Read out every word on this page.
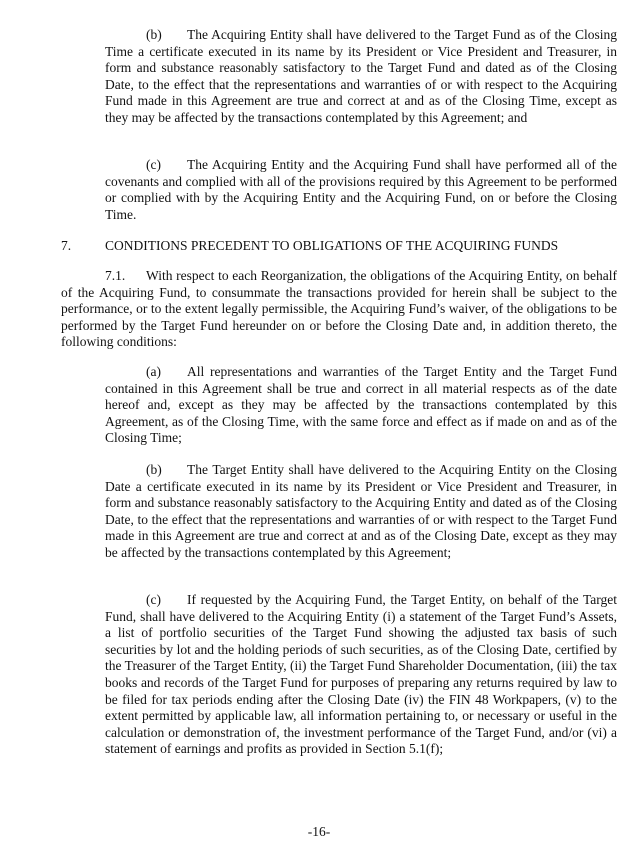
(b) The Acquiring Entity shall have delivered to the Target Fund as of the Closing Time a certificate executed in its name by its President or Vice President and Treasurer, in form and substance reasonably satisfactory to the Target Fund and dated as of the Closing Date, to the effect that the representations and warranties of or with respect to the Acquiring Fund made in this Agreement are true and correct at and as of the Closing Time, except as they may be affected by the transactions contemplated by this Agreement; and

(c) The Acquiring Entity and the Acquiring Fund shall have performed all of the covenants and complied with all of the provisions required by this Agreement to be performed or complied with by the Acquiring Entity and the Acquiring Fund, on or before the Closing Time.

7.	CONDITIONS PRECEDENT TO OBLIGATIONS OF THE ACQUIRING FUNDS

7.1. With respect to each Reorganization, the obligations of the Acquiring Entity, on behalf of the Acquiring Fund, to consummate the transactions provided for herein shall be subject to the performance, or to the extent legally permissible, the Acquiring Fund’s waiver, of the obligations to be performed by the Target Fund hereunder on or before the Closing Date and, in addition thereto, the following conditions:

(a) All representations and warranties of the Target Entity and the Target Fund contained in this Agreement shall be true and correct in all material respects as of the date hereof and, except as they may be affected by the transactions contemplated by this Agreement, as of the Closing Time, with the same force and effect as if made on and as of the Closing Time;

(b) The Target Entity shall have delivered to the Acquiring Entity on the Closing Date a certificate executed in its name by its President or Vice President and Treasurer, in form and substance reasonably satisfactory to the Acquiring Entity and dated as of the Closing Date, to the effect that the representations and warranties of or with respect to the Target Fund made in this Agreement are true and correct at and as of the Closing Date, except as they may be affected by the transactions contemplated by this Agreement;

(c) If requested by the Acquiring Fund, the Target Entity, on behalf of the Target Fund, shall have delivered to the Acquiring Entity (i) a statement of the Target Fund’s Assets, a list of portfolio securities of the Target Fund showing the adjusted tax basis of such securities by lot and the holding periods of such securities, as of the Closing Date, certified by the Treasurer of the Target Entity, (ii) the Target Fund Shareholder Documentation, (iii) the tax books and records of the Target Fund for purposes of preparing any returns required by law to be filed for tax periods ending after the Closing Date (iv) the FIN 48 Workpapers, (v) to the extent permitted by applicable law, all information pertaining to, or necessary or useful in the calculation or demonstration of, the investment performance of the Target Fund, and/or (vi) a statement of earnings and profits as provided in Section 5.1(f);

-16-
